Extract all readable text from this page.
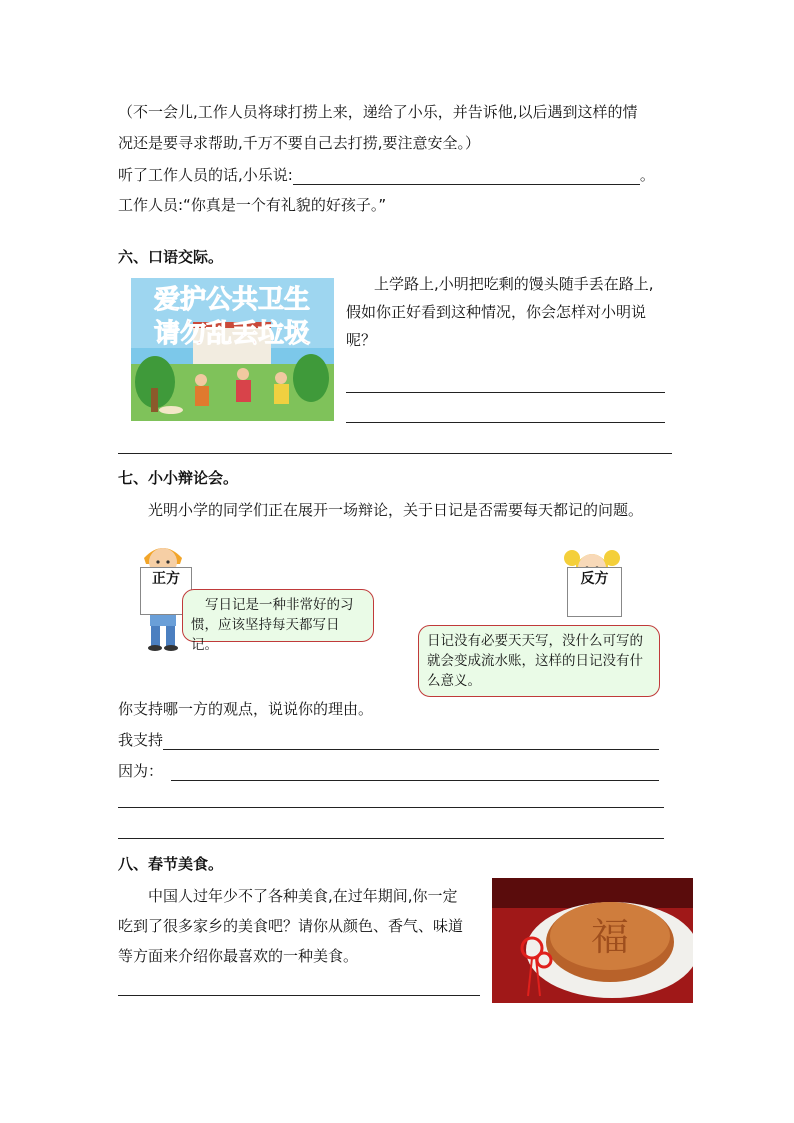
（不一会儿,工作人员将球打捞上来，递给了小乐，并告诉他,以后遇到这样的情
况还是要寻求帮助,千万不要自己去打捞,要注意安全。）
听了工作人员的话,小乐说:	。
工作人员:“你真是一个有礼貌的好孩子。”
六、口语交际。
爱护公共卫生
请勿乱丢垃圾
上学路上,小明把吃剩的馒头随手丢在路上,
假如你正好看到这种情况，你会怎样对小明说
呢？
七、小小辩论会。
光明小学的同学们正在展开一场辩论，关于日记是否需要每天都记的问题。
正方
写日记是一种非常好的习惯，应该坚持每天都写日记。
反方
日记没有必要天天写，没什么可写的就会变成流水账，这样的日记没有什么意义。
你支持哪一方的观点，说说你的理由。
我支持
因为：
八、春节美食。
中国人过年少不了各种美食,在过年期间,你一定
吃到了很多家乡的美食吧？请你从颜色、香气、味道
等方面来介绍你最喜欢的一种美食。	福
